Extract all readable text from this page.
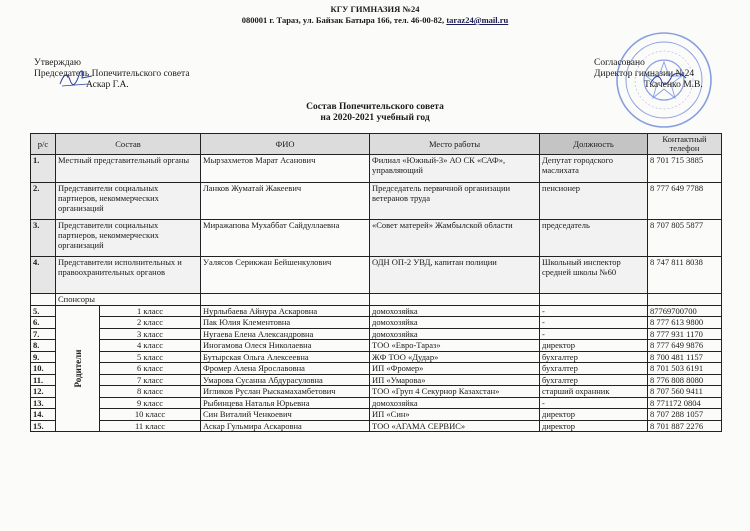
КГУ ГИМНАЗИЯ №24
080001 г. Тараз, ул. Байзак Батыра 166, тел. 46-00-82, taraz24@mail.ru
Утверждаю
Председатель Попечительского совета
Аскар Г.А.
Согласовано
Директор гимназии №24
Ткаченко М.В.
Состав Попечительского совета
на 2020-2021 учебный год
р/с	Состав		ФИО	Место работы	Должность	Контактный телефон
1.	Местный представительный органы		Мырзахметов Марат Асанович	Филиал «Южный-3» АО СК «САФ», управляющий	Депутат городского маслихата	8 701 715 3885
2.	Представители социальных партнеров, некоммерческих организаций		Ланков Жуматай Жакеевич	Председатель первичной организации ветеранов труда	пенсионер	8 777 649 7788
3.	Представители социальных партнеров, некоммерческих организаций		Миражапова Мухаббат Сайдуллаевна	«Совет матерей» Жамбылской области	председатель	8 707 805 5877
4.	Представители исполнительных и правоохранительных органов		Уалясов Серикжан Бейшенкулович	ОДН ОП-2 УВД, капитан полиции	Школьный инспектор средней школы №60	8 747 811 8038
	Спонсоры					
5.	Родители	1 класс	Нурлыбаева Айнура Аскаровна	домохозяйка	-	87769700700
6.		2 класс	Пак Юлия Клементовна	домохозяйка	-	8 777 613 9800
7.		3 класс	Нугаева Елена Александровна	домохозяйка	-	8 777 931 1170
8.		4 класс	Иногамова Олеся Николаевна	ТОО «Евро-Тараз»	директор	8 777 649 9876
9.		5 класс	Бутырская Ольга Алексеевна	ЖФ ТОО «Дудар»	бухгалтер	8 700 481 1157
10.		6 класс	Фромер Алена Ярославовна	ИП «Фромер»	бухгалтер	8 701 503 6191
11.		7 класс	Умарова Сусанна Абдурасуловна	ИП «Умарова»	бухгалтер	8 776 808 8080
12.		8 класс	Игликов Руслан Рыскамахамбетович	ТОО «Груп 4 Секурнор Казахстан»	старший охранник	8 707 560 9411
13.		9 класс	Рыбинцева Наталья Юрьевна	домохозяйка	-	8 771172 0804
14.		10 класс	Син Виталий Ченкоевич	ИП «Син»	директор	8 707 288 1057
15.		11 класс	Аскар Гульмира Аскаровна	ТОО «АГАМА СЕРВИС»	директор	8 701 887 2276
